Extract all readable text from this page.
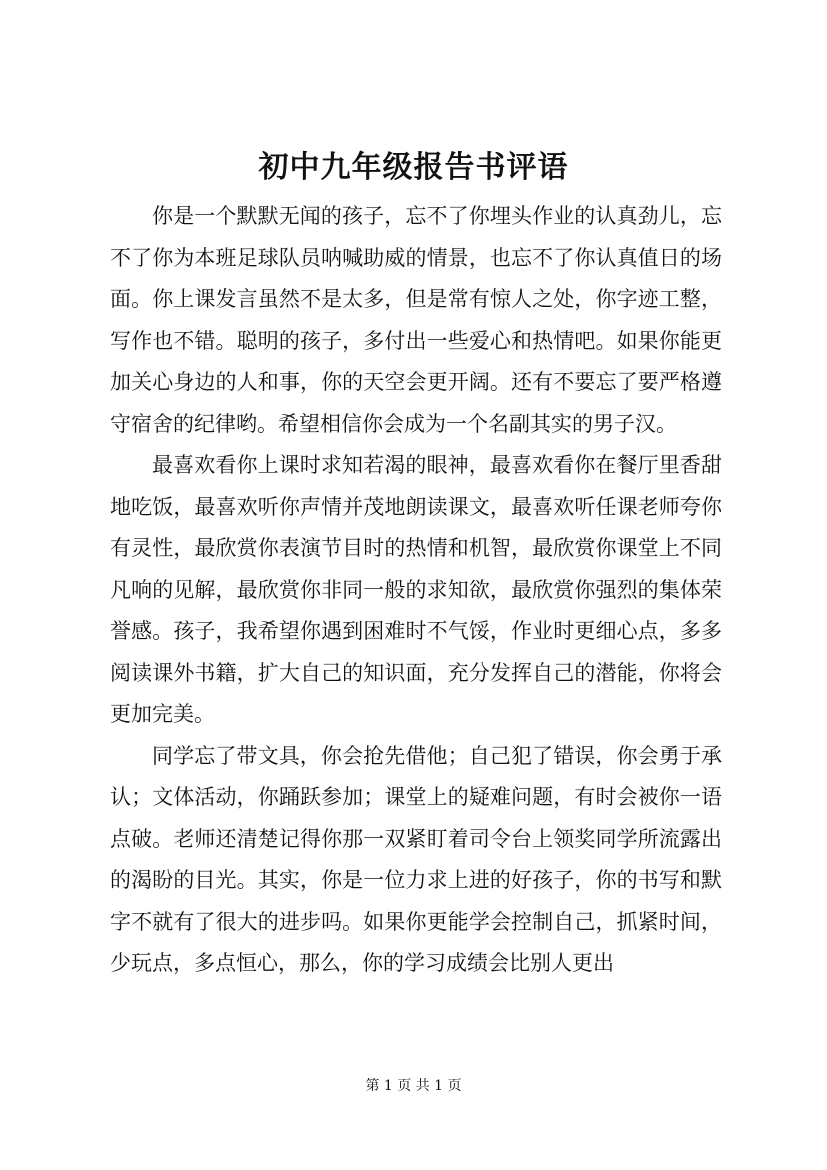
初中九年级报告书评语

你是一个默默无闻的孩子，忘不了你埋头作业的认真劲儿，忘不了你为本班足球队员呐喊助威的情景，也忘不了你认真值日的场面。你上课发言虽然不是太多，但是常有惊人之处，你字迹工整，写作也不错。聪明的孩子，多付出一些爱心和热情吧。如果你能更加关心身边的人和事，你的天空会更开阔。还有不要忘了要严格遵守宿舍的纪律哟。希望相信你会成为一个名副其实的男子汉。

最喜欢看你上课时求知若渴的眼神，最喜欢看你在餐厅里香甜地吃饭，最喜欢听你声情并茂地朗读课文，最喜欢听任课老师夸你有灵性，最欣赏你表演节目时的热情和机智，最欣赏你课堂上不同凡响的见解，最欣赏你非同一般的求知欲，最欣赏你强烈的集体荣誉感。孩子，我希望你遇到困难时不气馁，作业时更细心点，多多阅读课外书籍，扩大自己的知识面，充分发挥自己的潜能，你将会更加完美。

同学忘了带文具，你会抢先借他；自己犯了错误，你会勇于承认；文体活动，你踊跃参加；课堂上的疑难问题，有时会被你一语点破。老师还清楚记得你那一双紧盯着司令台上领奖同学所流露出的渴盼的目光。其实，你是一位力求上进的好孩子，你的书写和默字不就有了很大的进步吗。如果你更能学会控制自己，抓紧时间，少玩点，多点恒心，那么，你的学习成绩会比别人更出

第 1 页 共 1 页
